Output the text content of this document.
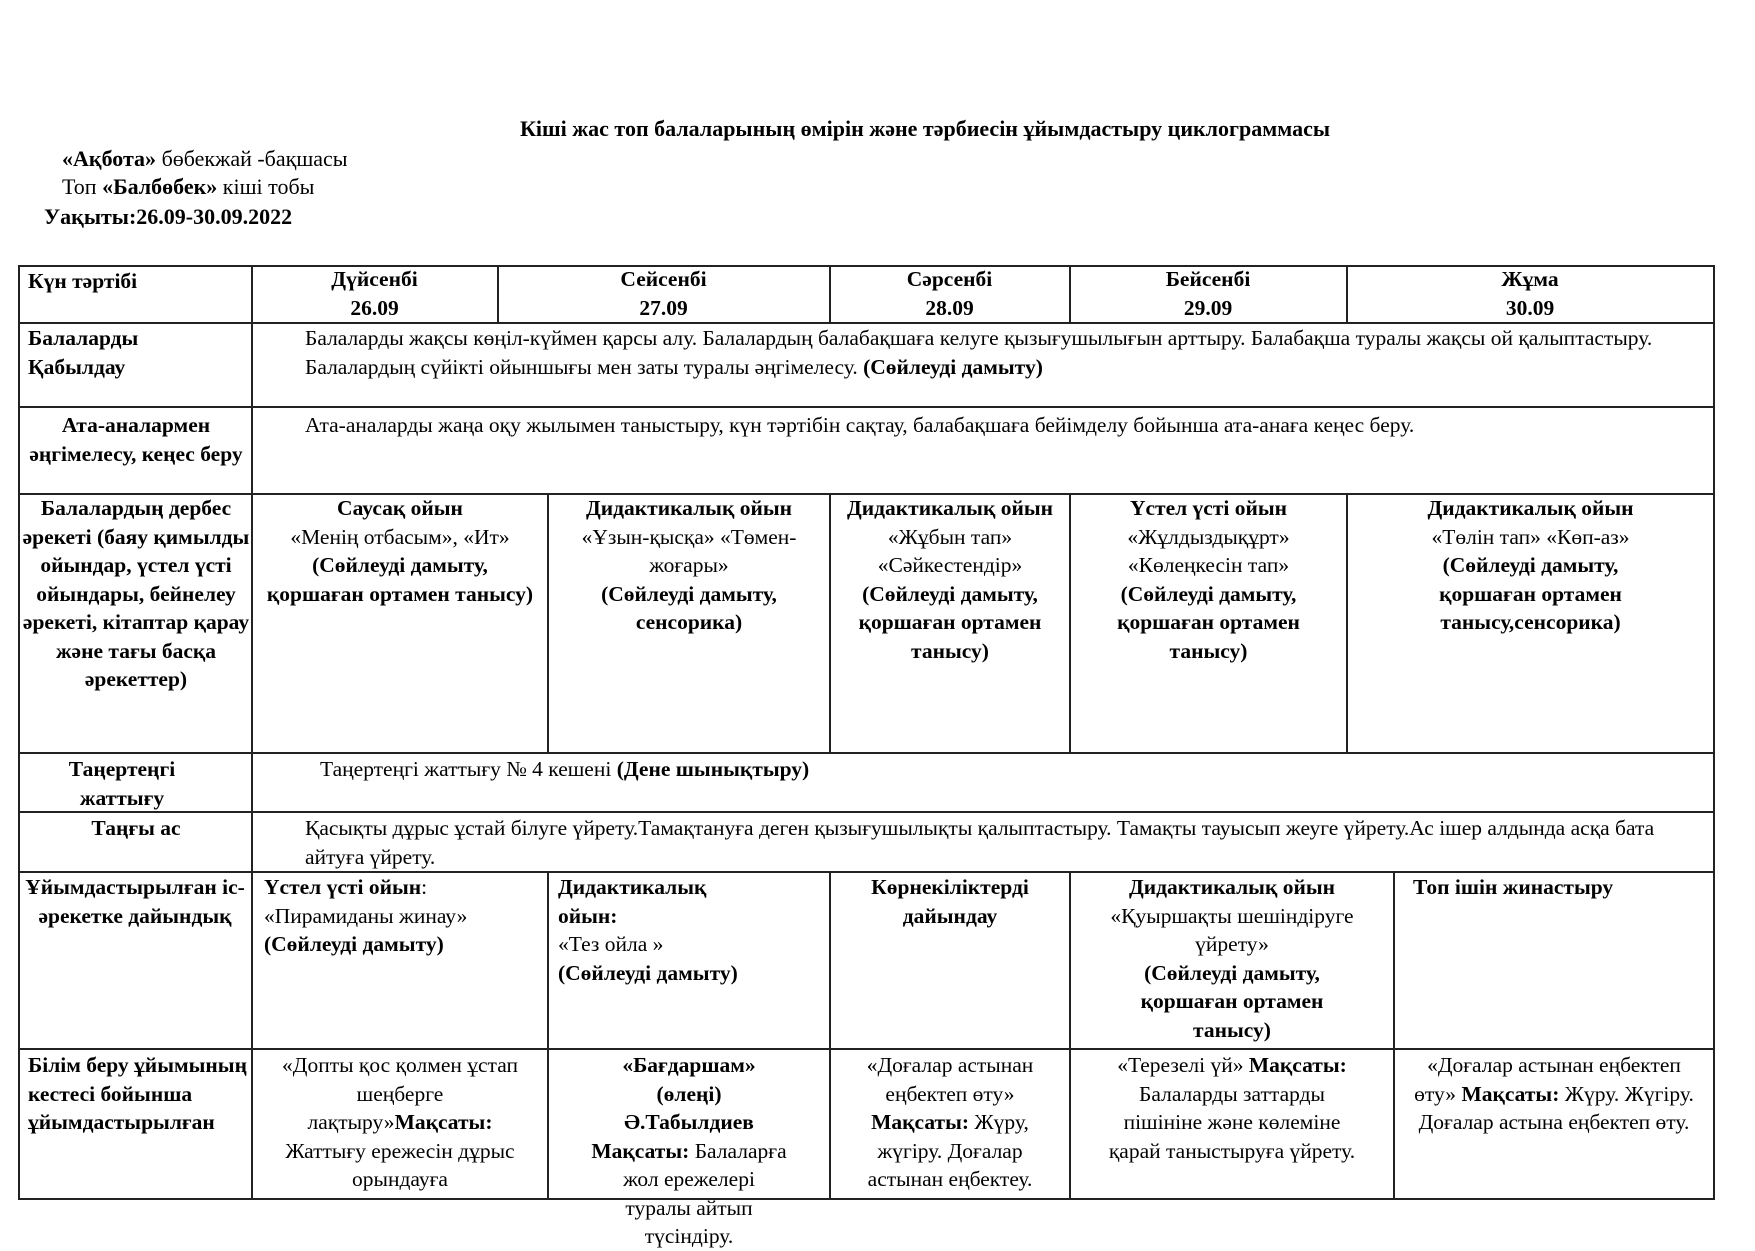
Кіші жас топ балаларының өмірін және тәрбиесін ұйымдастыру циклограммасы
«Ақбота» бөбекжай -бақшасы
Топ «Балбөбек» кіші тобы
Уақыты:26.09-30.09.2022
Күн тәртібі	Дүйсенбі
26.09
Сейсенбі
27.09
Сәрсенбі
28.09
Бейсенбі
29.09
Жұма
30.09
Балаларды
Қабылдау
Балаларды жақсы көңіл-күймен қарсы алу. Балалардың балабақшаға келуге қызығушылығын арттыру. Балабақша туралы жақсы ой қалыптастыру. Балалардың сүйікті ойыншығы мен заты туралы әңгімелесу. (Сөйлеуді дамыту)
Ата-аналармен әңгімелесу, кеңес беру
Ата-аналарды жаңа оқу жылымен таныстыру, күн тәртібін сақтау, балабақшаға бейімделу бойынша ата-анаға кеңес беру.
Балалардың дербес әрекеті (баяу қимылды ойындар, үстел үсті ойындары, бейнелеу әрекеті, кітаптар қарау және тағы басқа әрекеттер)
Саусақ ойын
«Менің отбасым», «Ит»
(Сөйлеуді дамыту, қоршаған ортамен танысу)
Дидактикалық ойын
«Ұзын-қысқа» «Төмен-жоғары»
(Сөйлеуді дамыту, сенсорика)
Дидактикалық ойын
«Жұбын тап» «Сәйкестендір»
(Сөйлеуді дамыту, қоршаған ортамен танысу)
Үстел үсті ойын
«Жұлдыздықұрт» «Көлеңкесін тап»
(Сөйлеуді дамыту, қоршаған ортамен танысу)
Дидактикалық ойын
«Төлін тап» «Көп-аз»
(Сөйлеуді дамыту, қоршаған ортамен танысу,сенсорика)
Таңертеңгі жаттығу
Таңертеңгі жаттығу № 4 кешені (Дене шынықтыру)
Таңғы ас	Қасықты дұрыс ұстай білуге үйрету.Тамақтануға деген қызығушылықты қалыптастыру. Тамақты тауысып жеуге үйрету.Ас ішер алдында асқа бата айтуға үйрету.
Ұйымдастырылған іс-әрекетке дайындық
Үстел үсті ойын:
«Пирамиданы жинау»
(Сөйлеуді дамыту)
Дидактикалық ойын:
«Тез ойла »
(Сөйлеуді дамыту)
Көрнекіліктерді дайындау
Дидактикалық ойын
«Қуыршақты шешіндіруге үйрету»
(Сөйлеуді дамыту, қоршаған ортамен танысу)
Топ ішін жинастыру
Білім беру ұйымының кестесі бойынша ұйымдастырылған
«Допты қос қолмен ұстап шеңберге лақтыру»Мақсаты: Жаттығу ережесін дұрыс орындауға
«Бағдаршам» (өлеңі) Ә.Табылдиев Мақсаты: Балаларға жол ережелері туралы айтып түсіндіру.
«Доғалар астынан еңбектеп өту» Мақсаты: Жүру, жүгіру. Доғалар астынан еңбектеу.
«Терезелі үй» Мақсаты: Балаларды заттарды пішініне және көлеміне қарай таныстыруға үйрету.
«Доғалар астынан еңбектеп өту» Мақсаты: Жүру. Жүгіру. Доғалар астына еңбектеп өту.
